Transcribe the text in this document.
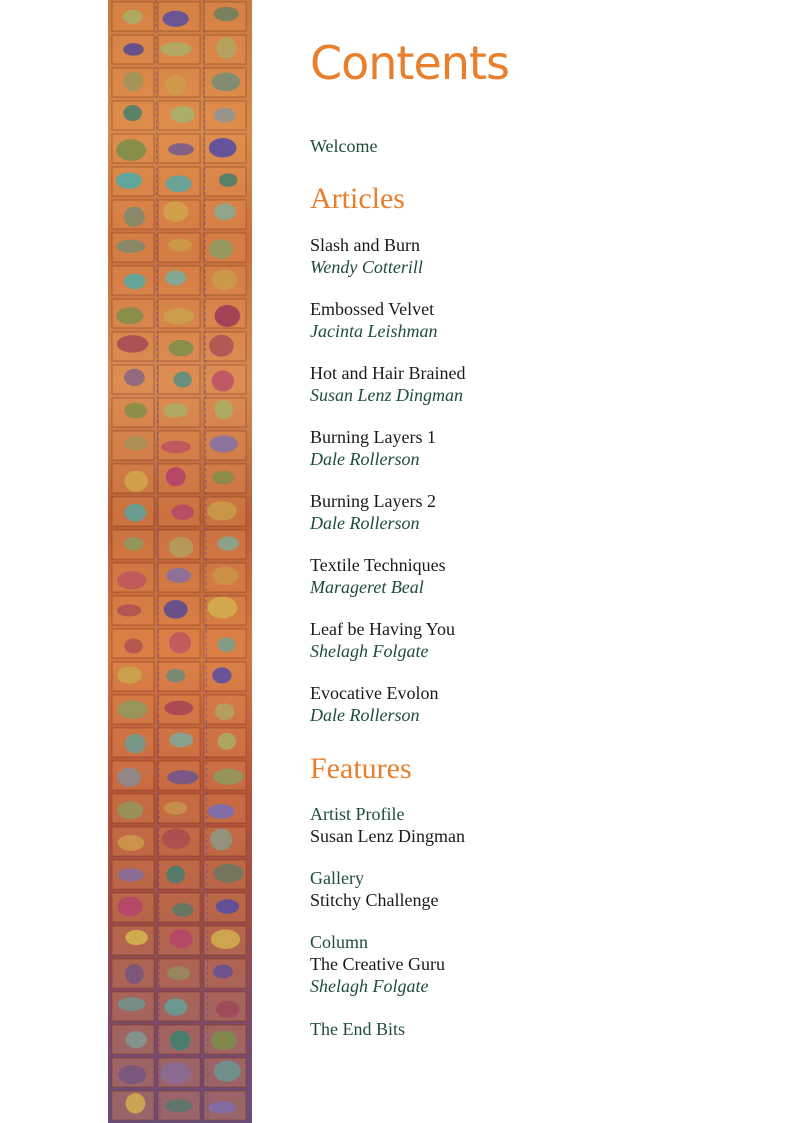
Contents
Welcome
Articles
Slash and Burn
Wendy Cotterill
Embossed Velvet
Jacinta Leishman
Hot and Hair Brained
Susan Lenz Dingman
Burning Layers 1
Dale Rollerson
Burning Layers 2
Dale Rollerson
Textile Techniques
Marageret Beal
Leaf be Having You
Shelagh Folgate
Evocative Evolon
Dale Rollerson
Features
Artist Profile
Susan Lenz Dingman
Gallery
Stitchy Challenge
Column
The Creative Guru
Shelagh Folgate
The End Bits
